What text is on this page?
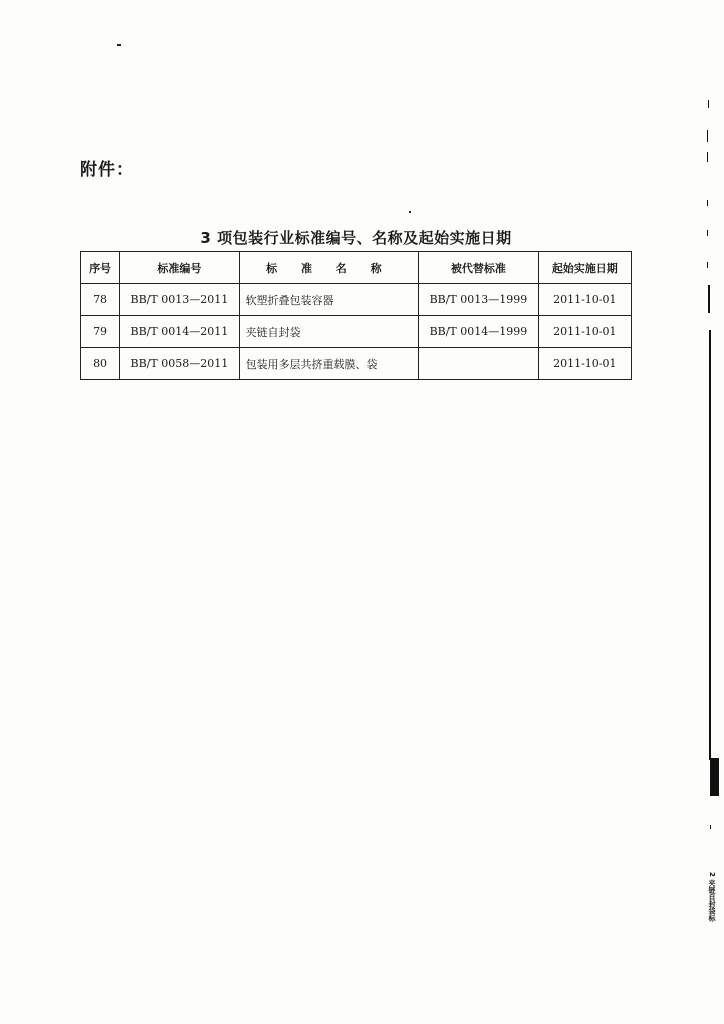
附件：
3 项包装行业标准编号、名称及起始实施日期
序号	标准编号	标 准 名 称	被代替标准	起始实施日期
78	BB/T 0013—2011	软塑折叠包装容器	BB/T 0013—1999	2011-10-01
79	BB/T 0014—2011	夹链自封袋	BB/T 0014—1999	2011-10-01
80	BB/T 0058—2011	包装用多层共挤重载膜、袋		2011-10-01
2 夹链自封袋标
